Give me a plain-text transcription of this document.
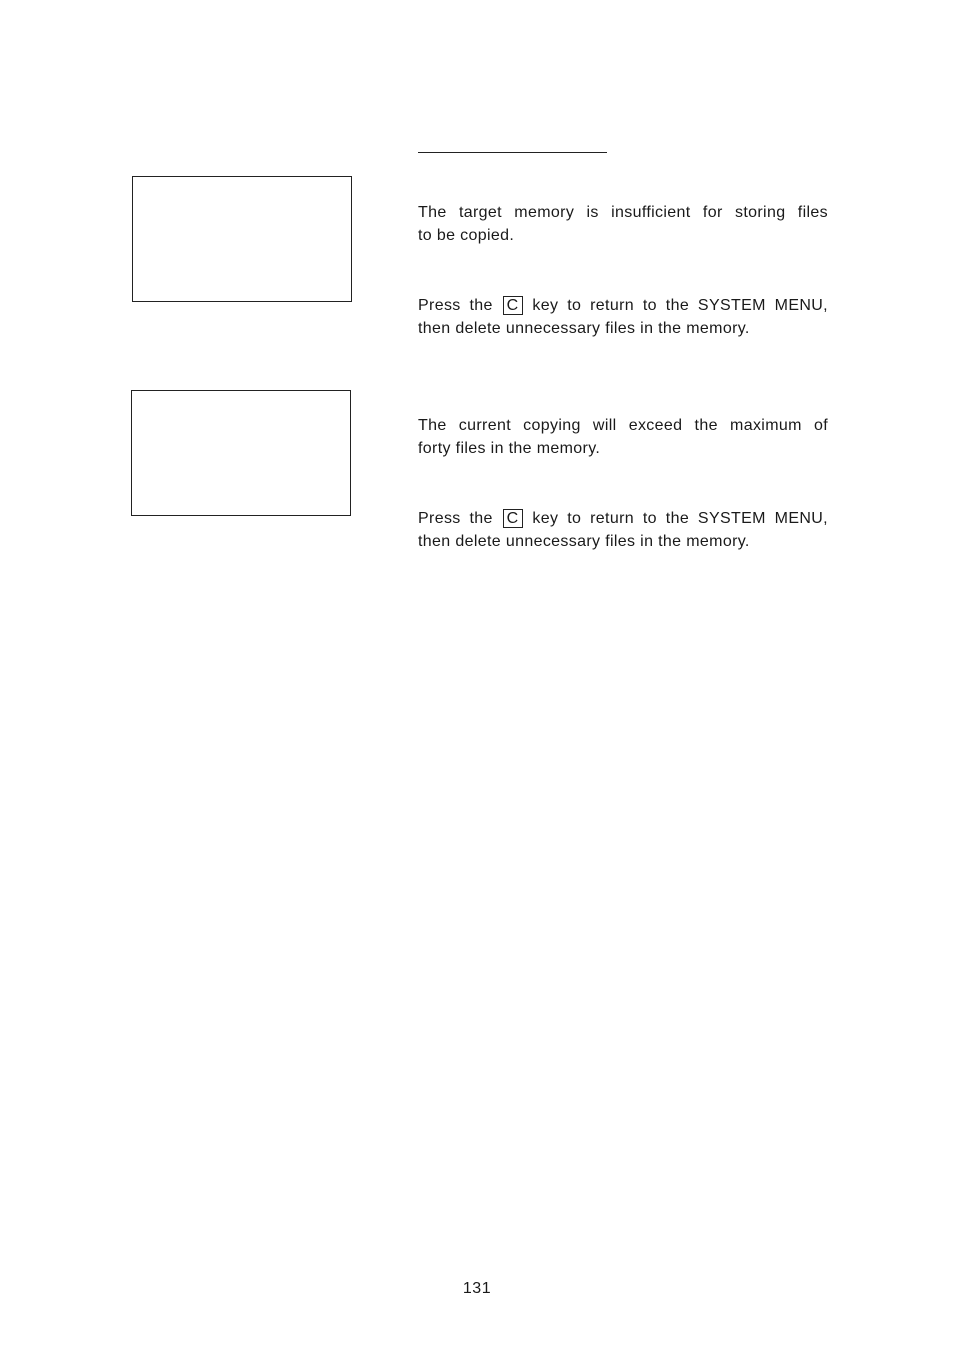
The target memory is insufficient for storing files
to be copied.

Press the C key to return to the SYSTEM MENU,
then delete unnecessary files in the memory.

The current copying will exceed the maximum of
forty files in the memory.

Press the C key to return to the SYSTEM MENU,
then delete unnecessary files in the memory.

131
